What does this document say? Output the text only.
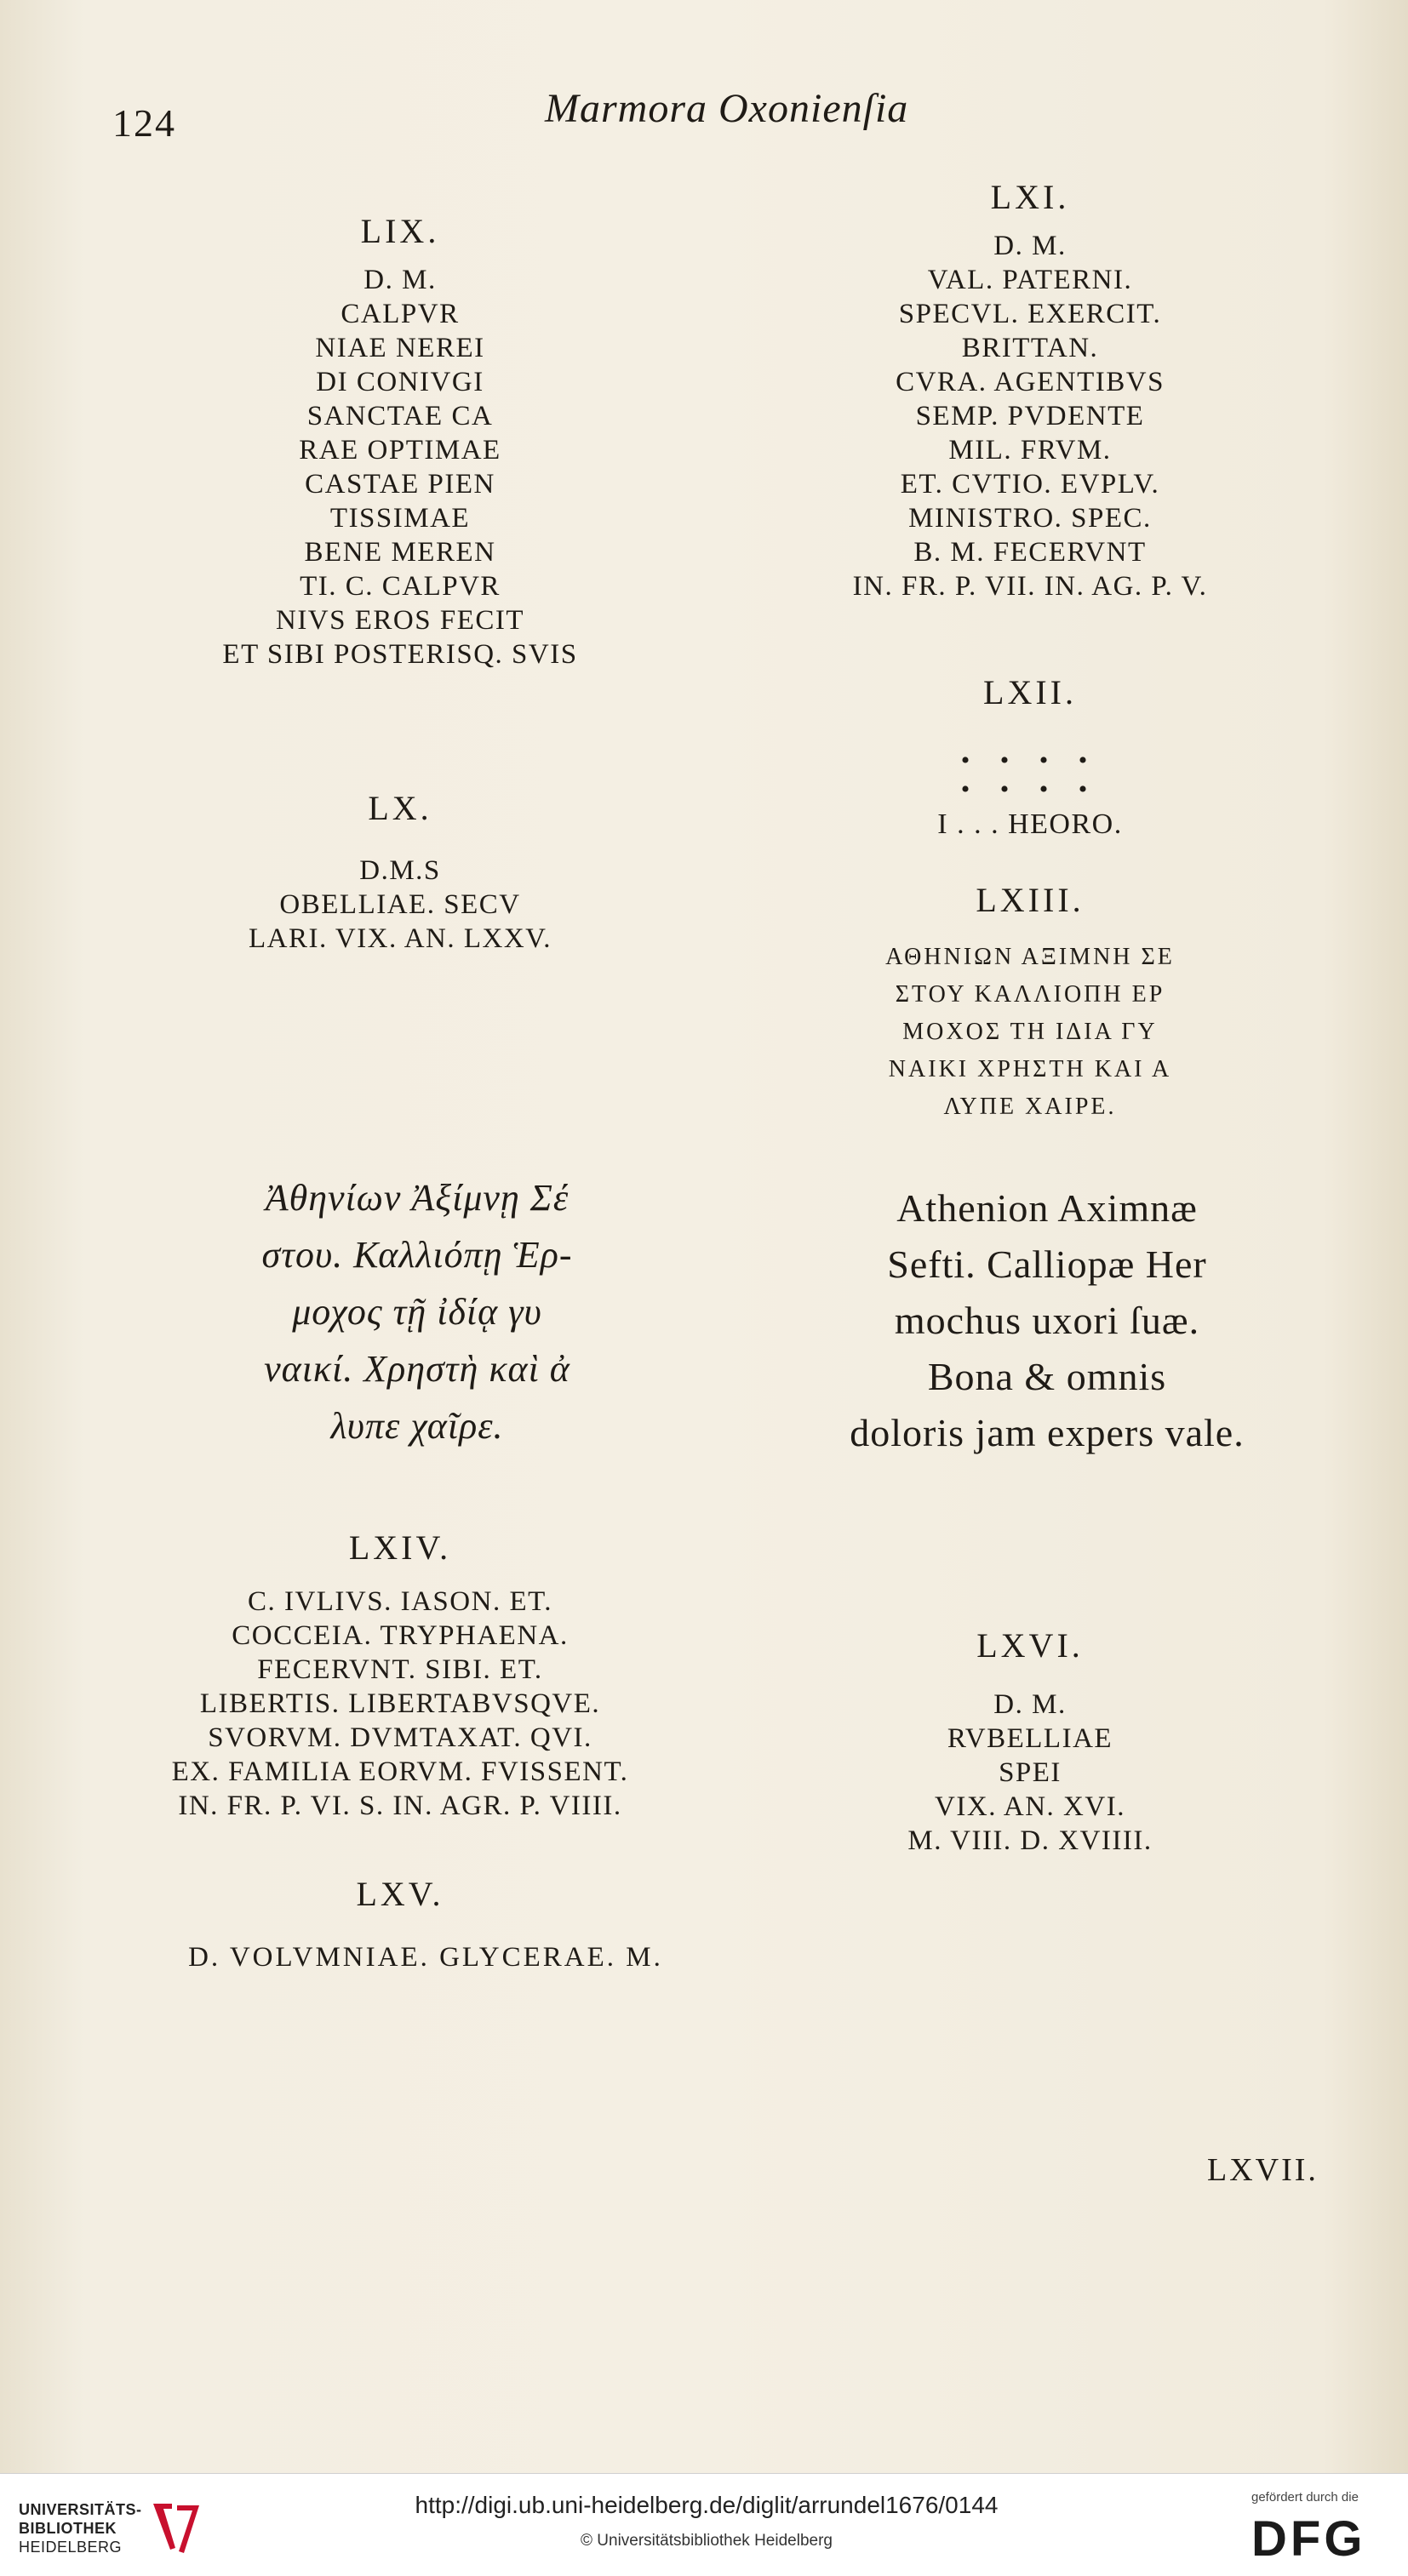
124	Marmora Oxonienſia
LIX.
D. M.
CALPVR
NIAE NEREI
DI CONIVGI
SANCTAE CA
RAE OPTIMAE
CASTAE PIEN
TISSIMAE
BENE MEREN
TI. C. CALPVR
NIVS EROS FECIT
ET SIBI POSTERISQ. SVIS
LX.
D.M.S
OBELLIAE. SECV
LARI. VIX. AN. LXXV.
LXI.
D. M.
VAL. PATERNI.
SPECVL. EXERCIT.
BRITTAN.
CVRA. AGENTIBVS
SEMP. PVDENTE
MIL. FRVM.
ET. CVTIO. EVPLV.
MINISTRO. SPEC.
B. M. FECERVNT
IN. FR. P. VII. IN. AG. P. V.
LXII.
• • • •
• • • •
I . . . HEORO.
LXIII.
ΑΘΗΝΙΩΝ ΑΞΙΜΝΗ ΣΕ
ΣΤΟΥ ΚΑΛΛΙΟΠΗ ΕΡ
ΜΟΧΟΣ ΤΗ ΙΔΙΑ ΓΥ
ΝΑΙΚΙ ΧΡΗΣΤΗ ΚΑΙ Α
ΛΥΠΕ ΧΑΙΡΕ.
Ἀθηνίων Ἀξίμνῃ Σέ
στου. Καλλιόπῃ Ἑρ-
μοχος τῇ ἰδίᾳ γυ
ναικί. Χρηστὴ καὶ ἀ
λυπε χαῖρε.
Athenion Aximnæ
Sefti. Calliopæ Her
mochus uxori ſuæ.
Bona & omnis
doloris jam expers vale.
LXIV.
C. IVLIVS. IASON. ET.
COCCEIA. TRYPHAENA.
FECERVNT. SIBI. ET.
LIBERTIS. LIBERTABVSQVE.
SVORVM. DVMTAXAT. QVI.
EX. FAMILIA EORVM. FVISSENT.
IN. FR. P. VI. S. IN. AGR. P. VIIII.
LXV.
D. VOLVMNIAE. GLYCERAE. M.
LXVI.
D. M.
RVBELLIAE
SPEI
VIX. AN. XVI.
M. VIII. D. XVIIII.
LXVII.
UNIVERSITÄTS-
BIBLIOTHEK
HEIDELBERG
http://digi.ub.uni-heidelberg.de/diglit/arrundel1676/0144
© Universitätsbibliothek Heidelberg
gefördert durch die
DFG
